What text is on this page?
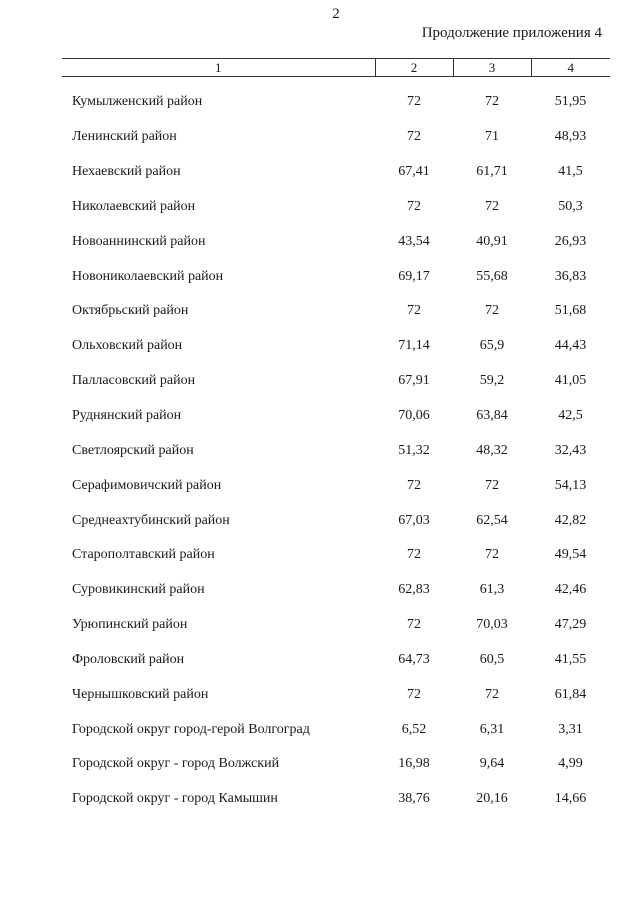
2
Продолжение приложения 4
1	2	3	4
Кумылженский район	72	72	51,95
Ленинский район	72	71	48,93
Нехаевский район	67,41	61,71	41,5
Николаевский район	72	72	50,3
Новоаннинский район	43,54	40,91	26,93
Новониколаевский район	69,17	55,68	36,83
Октябрьский район	72	72	51,68
Ольховский район	71,14	65,9	44,43
Палласовский район	67,91	59,2	41,05
Руднянский район	70,06	63,84	42,5
Светлоярский район	51,32	48,32	32,43
Серафимовичский район	72	72	54,13
Среднеахтубинский район	67,03	62,54	42,82
Старополтавский район	72	72	49,54
Суровикинский район	62,83	61,3	42,46
Урюпинский район	72	70,03	47,29
Фроловский район	64,73	60,5	41,55
Чернышковский район	72	72	61,84
Городской округ город-герой Волгоград	6,52	6,31	3,31
Городской округ - город Волжский	16,98	9,64	4,99
Городской округ - город Камышин	38,76	20,16	14,66
